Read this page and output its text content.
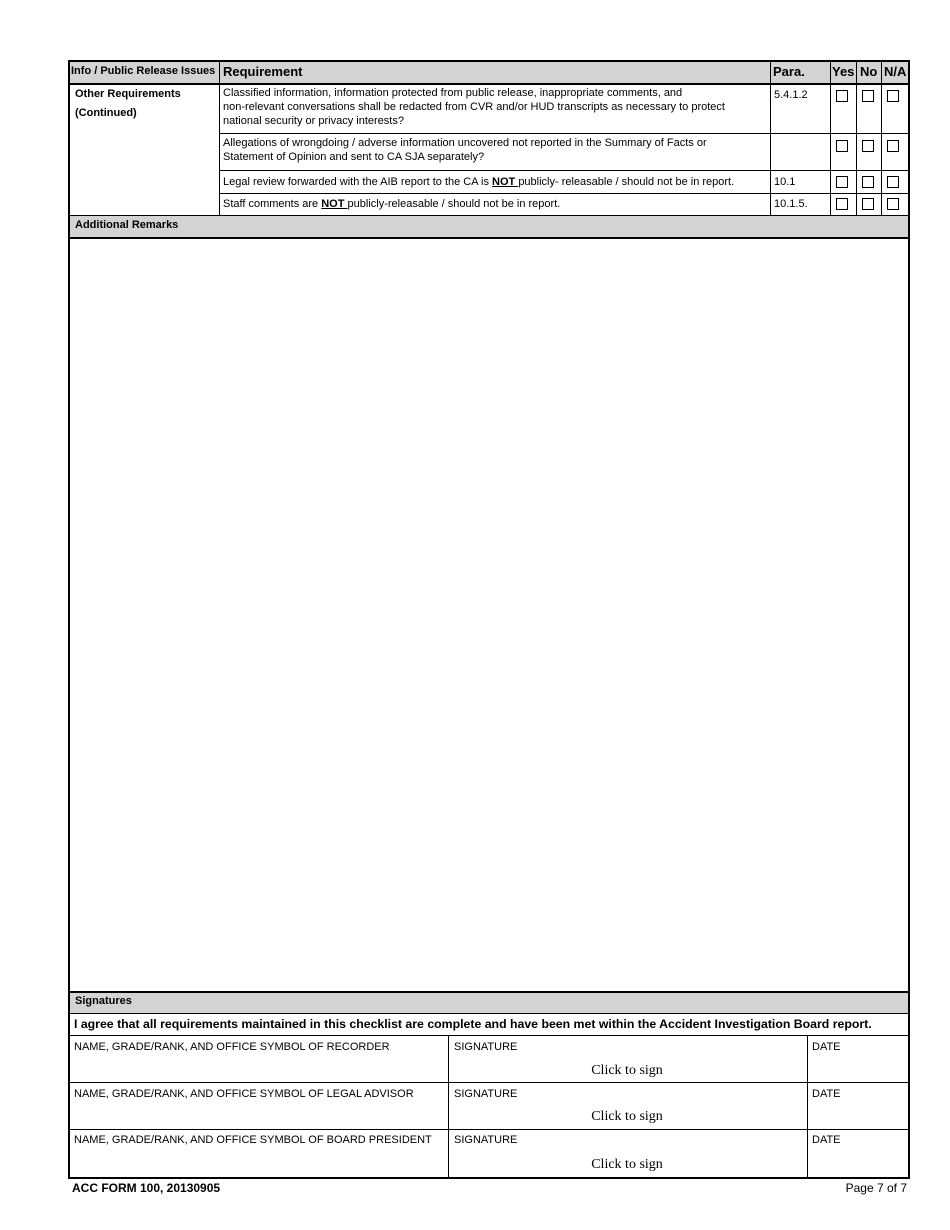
Info / Public Release Issues Requirement	Para. Yes No N/A
Other Requirements
(Continued)
Classified information, information protected from public release, inappropriate comments, and
non-relevant conversations shall be redacted from CVR and/or HUD transcripts as necessary to protect
national security or privacy interests?
5.4.1.2
Allegations of wrongdoing / adverse information uncovered not reported in the Summary of Facts or
Statement of Opinion and sent to CA SJA separately?
Legal review forwarded with the AIB report to the CA is NOT publicly- releasable / should not be in report.	10.1
Staff comments are NOT publicly-releasable / should not be in report.	10.1.5.
Additional Remarks
Signatures
I agree that all requirements maintained in this checklist are complete and have been met within the Accident Investigation Board report.
NAME, GRADE/RANK, AND OFFICE SYMBOL OF RECORDER	SIGNATURE
Click to sign
DATE
NAME, GRADE/RANK, AND OFFICE SYMBOL OF LEGAL ADVISOR	SIGNATURE
Click to sign
DATE
NAME, GRADE/RANK, AND OFFICE SYMBOL OF BOARD PRESIDENT SIGNATURE
Click to sign
DATE
ACC FORM 100, 20130905	Page 7 of 7
